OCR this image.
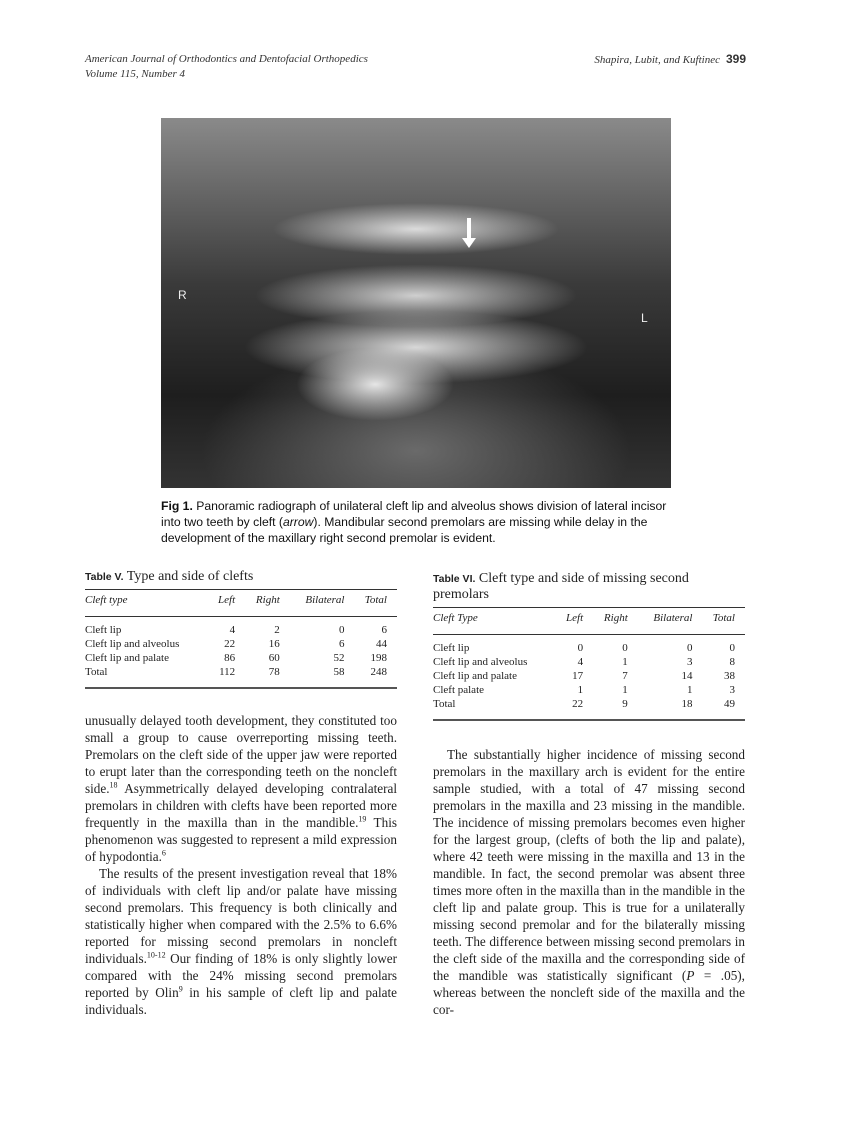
American Journal of Orthodontics and Dentofacial Orthopedics
Volume 115, Number 4
Shapira, Lubit, and Kuftinec 399
R
L
Fig 1. Panoramic radiograph of unilateral cleft lip and alveolus shows division of lateral incisor into two teeth by cleft (arrow). Mandibular second premolars are missing while delay in the development of the maxillary right second premolar is evident.
Table V. Type and side of clefts
Cleft type	Left	Right	Bilateral	Total
Cleft lip	4	2	0	6
Cleft lip and alveolus	22	16	6	44
Cleft lip and palate	86	60	52	198
Total	112	78	58	248
Table VI. Cleft type and side of missing second premolars
Cleft Type	Left	Right	Bilateral	Total
Cleft lip	0	0	0	0
Cleft lip and alveolus	4	1	3	8
Cleft lip and palate	17	7	14	38
Cleft palate	1	1	1	3
Total	22	9	18	49

unusually delayed tooth development, they constituted too small a group to cause overreporting missing teeth. Premolars on the cleft side of the upper jaw were reported to erupt later than the corresponding teeth on the noncleft side.$^{18}$ Asymmetrically delayed developing contralateral premolars in children with clefts have been reported more frequently in the maxilla than in the mandible.$^{19}$ This phenomenon was suggested to represent a mild expression of hypodontia.$^6$

The results of the present investigation reveal that 18% of individuals with cleft lip and/or palate have missing second premolars. This frequency is both clinically and statistically higher when compared with the 2.5% to 6.6% reported for missing second premolars in noncleft individuals.$^{10-12}$ Our finding of 18% is only slightly lower compared with the 24% missing second premolars reported by Olin$^9$ in his sample of cleft lip and palate individuals.

The substantially higher incidence of missing second premolars in the maxillary arch is evident for the entire sample studied, with a total of 47 missing second premolars in the maxilla and 23 missing in the mandible. The incidence of missing premolars becomes even higher for the largest group, (clefts of both the lip and palate), where 42 teeth were missing in the maxilla and 13 in the mandible. In fact, the second premolar was absent three times more often in the maxilla than in the mandible in the cleft lip and palate group. This is true for a unilaterally missing second premolar and for the bilaterally missing teeth. The difference between missing second premolars in the cleft side of the maxilla and the corresponding side of the mandible was statistically significant (P = .05), whereas between the noncleft side of the maxilla and the cor-
